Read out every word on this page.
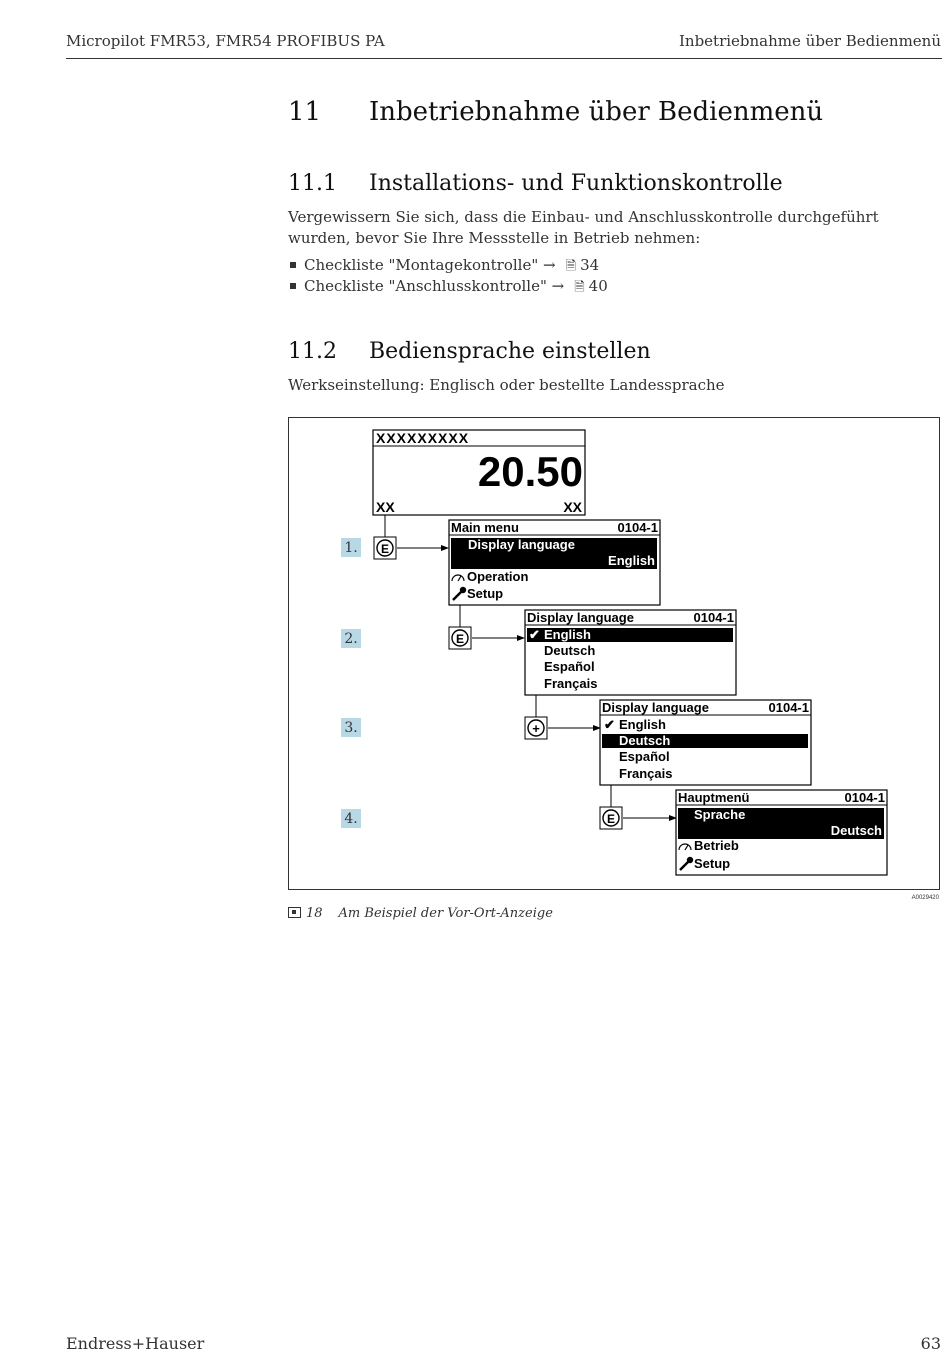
Micropilot FMR53, FMR54 PROFIBUS PA	Inbetriebnahme über Bedienmenü
11 Inbetriebnahme über Bedienmenü
11.1 Installations- und Funktionskontrolle
Vergewissern Sie sich, dass die Einbau- und Anschlusskontrolle durchgeführt wurden, bevor Sie Ihre Messstelle in Betrieb nehmen:
Checkliste "Montagekontrolle" → 🗎 34
Checkliste "Anschlusskontrolle" → 🗎 40
11.2 Bediensprache einstellen
Werkseinstellung: Englisch oder bestellte Landessprache
XXXXXXXXX
20.50
XX	XX
1.
2.
3.
4.
E
E
+
E
Main menu	0104-1
Display language
English
Operation
Setup
Display language	0104-1
✔ English
Deutsch
Español
Français
Display language	0104-1
✔ English
Deutsch
Español
Français
Hauptmenü	0104-1
Sprache
Deutsch
Betrieb
Setup
A0029420
18 Am Beispiel der Vor-Ort-Anzeige
Endress+Hauser	63
